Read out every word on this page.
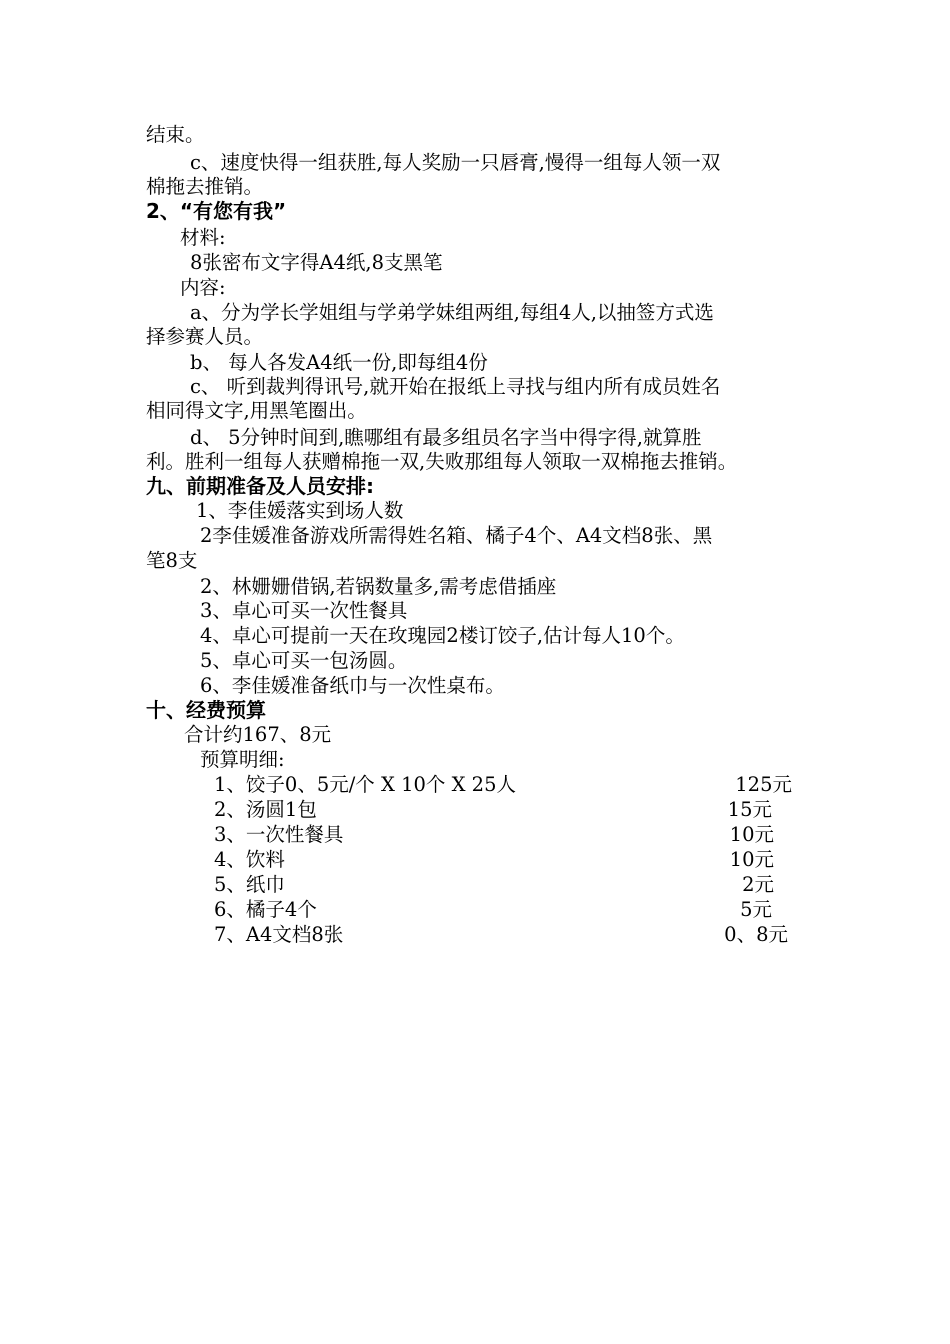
结束。
c、速度快得一组获胜,每人奖励一只唇膏,慢得一组每人领一双
棉拖去推销。
2、“有您有我”
材料:
8张密布文字得A4纸,8支黑笔
内容:
a、分为学长学姐组与学弟学妹组两组,每组4人,以抽签方式选
择参赛人员。
b、 每人各发A4纸一份,即每组4份
c、 听到裁判得讯号,就开始在报纸上寻找与组内所有成员姓名
相同得文字,用黑笔圈出。
d、 5分钟时间到,瞧哪组有最多组员名字当中得字得,就算胜
利。胜利一组每人获赠棉拖一双,失败那组每人领取一双棉拖去推销。
九、前期准备及人员安排:
1、李佳媛落实到场人数
2李佳媛准备游戏所需得姓名箱、橘子4个、A4文档8张、黑
笔8支
2、林姗姗借锅,若锅数量多,需考虑借插座
3、卓心可买一次性餐具
4、卓心可提前一天在玫瑰园2楼订饺子,估计每人10个。
5、卓心可买一包汤圆。
6、李佳媛准备纸巾与一次性桌布。
十、经费预算
合计约167、8元
预算明细:
1、饺子0、5元/个 X 10个 X 25人	125元
2、汤圆1包	15元
3、一次性餐具	10元
4、饮料	10元
5、纸巾	2元
6、橘子4个	5元
7、A4文档8张	0、8元
